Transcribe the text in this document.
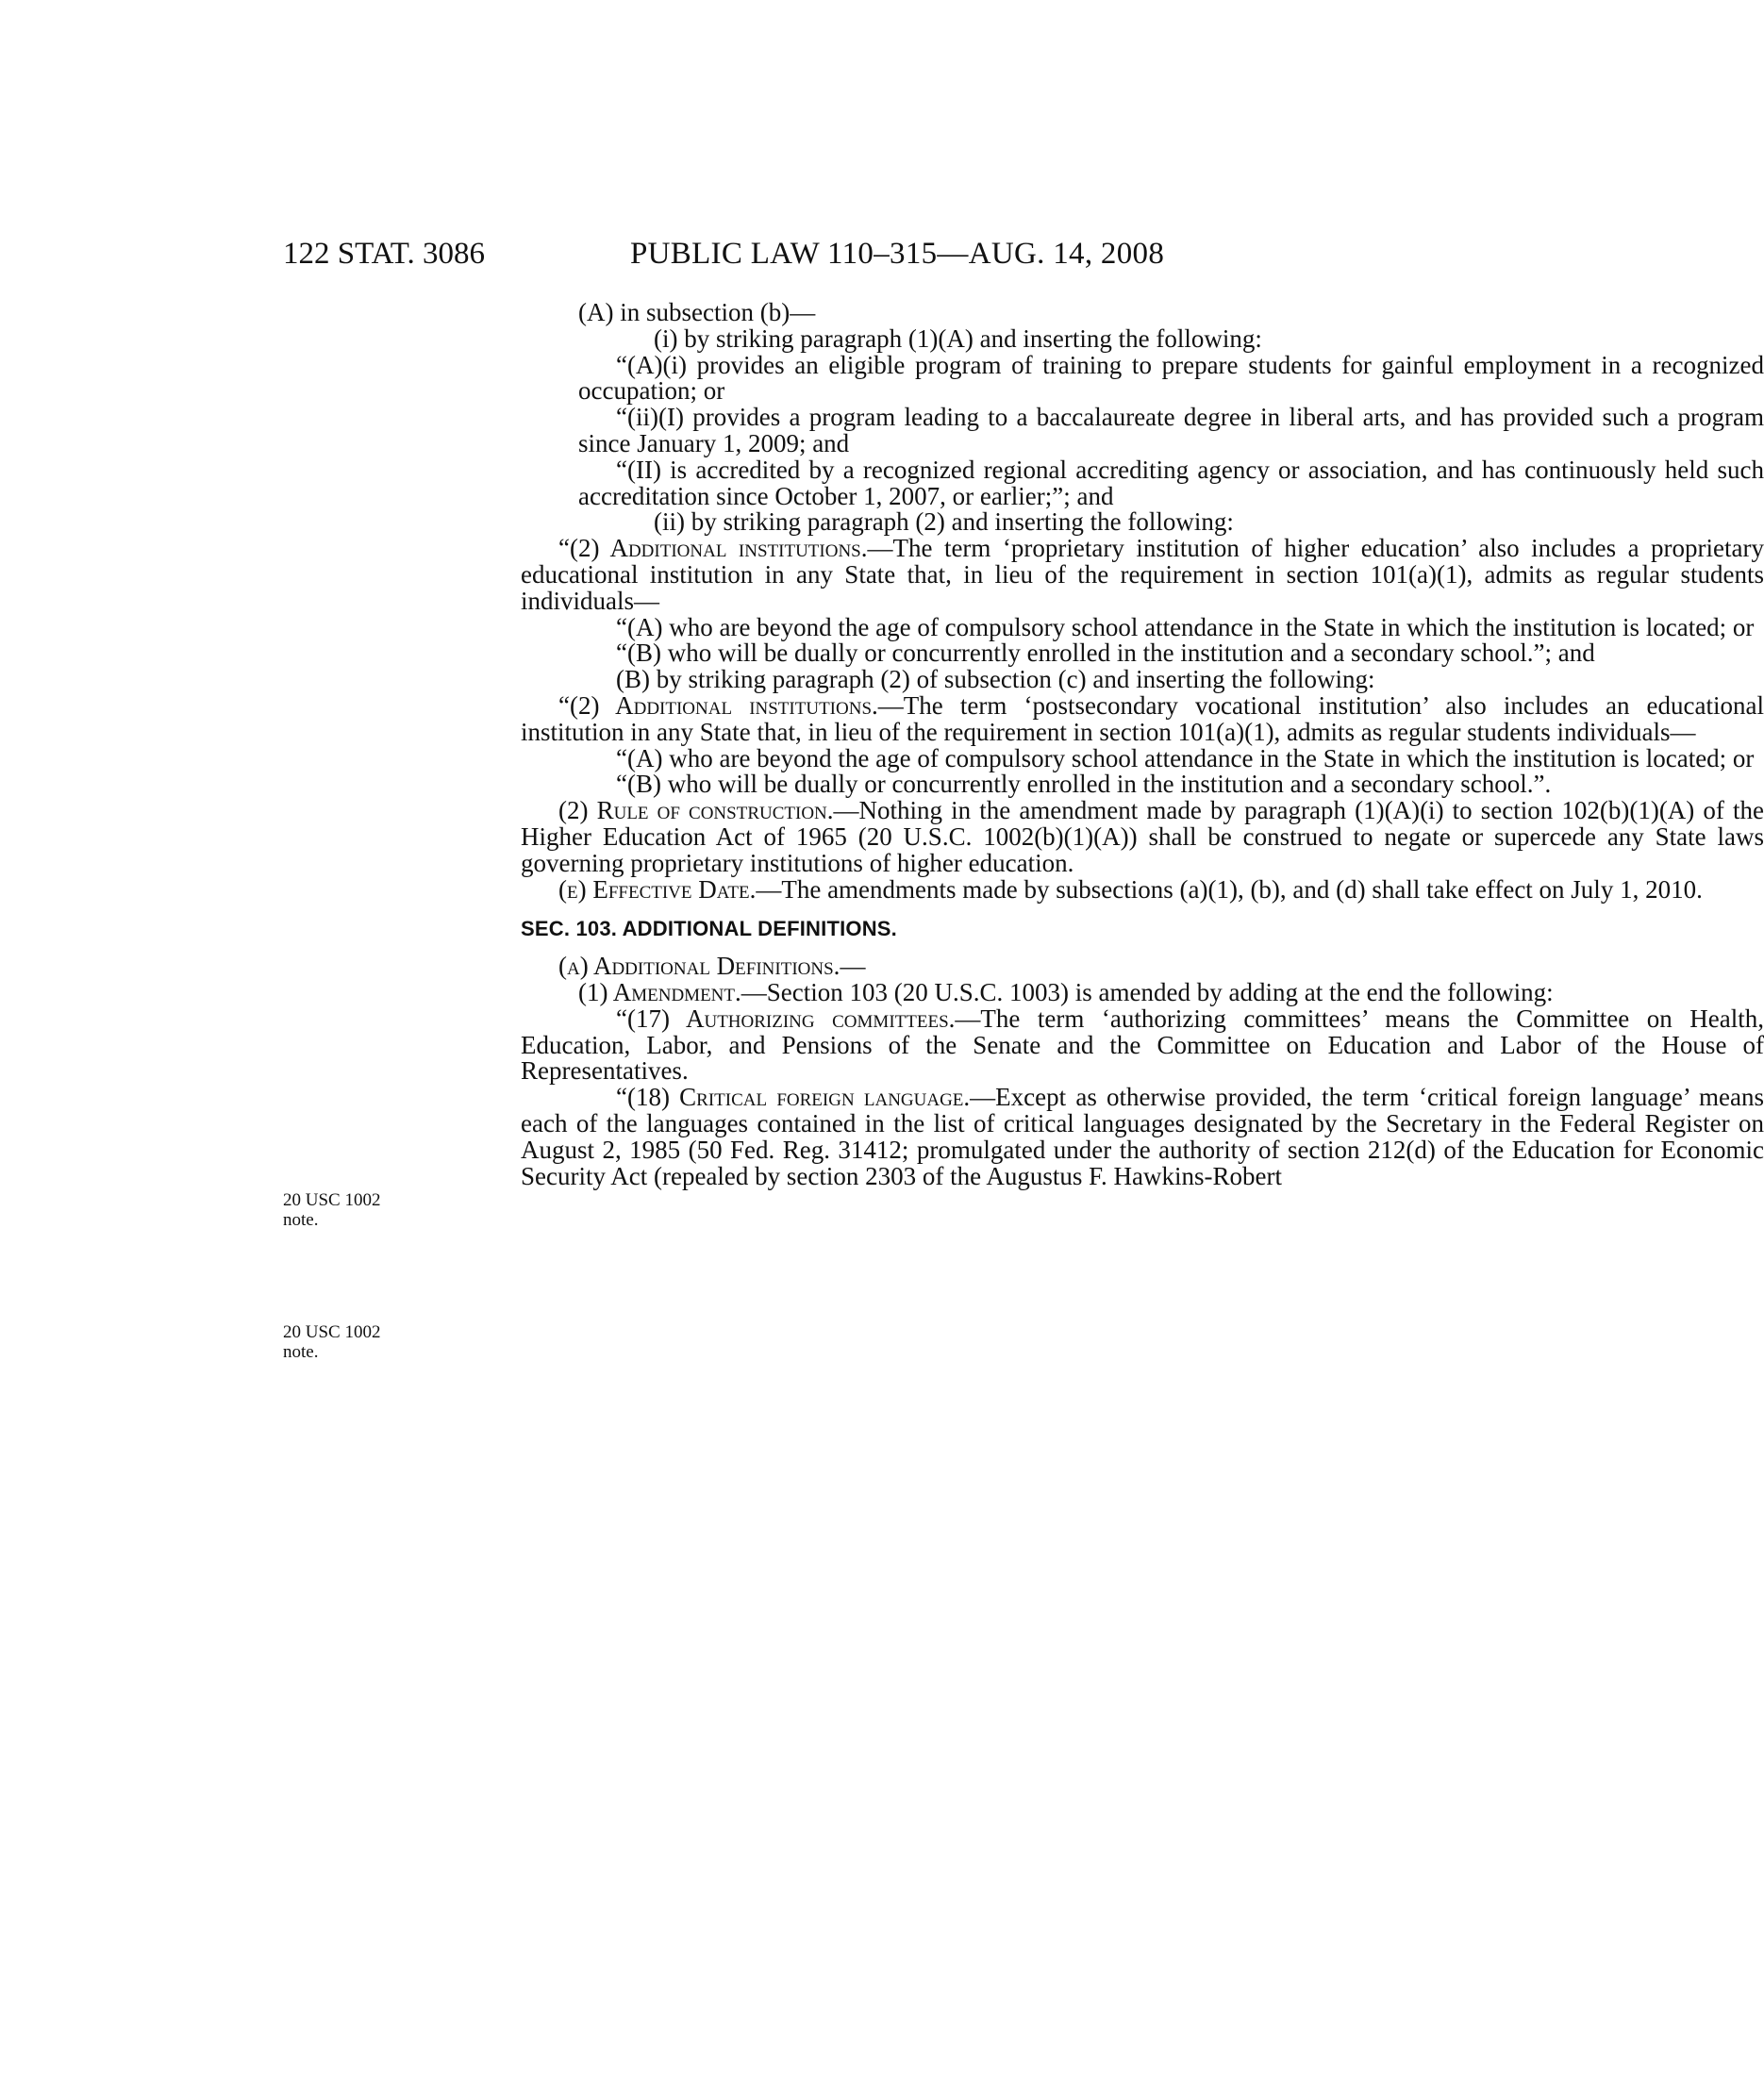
122 STAT. 3086	PUBLIC LAW 110–315—AUG. 14, 2008
20 USC 1002
note.
20 USC 1002
note.

(A) in subsection (b)—

(i) by striking paragraph (1)(A) and inserting the following:

“(A)(i) provides an eligible program of training to prepare students for gainful employment in a recognized occupation; or

“(ii)(I) provides a program leading to a baccalaureate degree in liberal arts, and has provided such a program since January 1, 2009; and

“(II) is accredited by a recognized regional accrediting agency or association, and has continuously held such accreditation since October 1, 2007, or earlier;”; and

(ii) by striking paragraph (2) and inserting the following:

“(2) Additional institutions.—The term ‘proprietary institution of higher education’ also includes a proprietary educational institution in any State that, in lieu of the requirement in section 101(a)(1), admits as regular students individuals—

“(A) who are beyond the age of compulsory school attendance in the State in which the institution is located; or

“(B) who will be dually or concurrently enrolled in the institution and a secondary school.”; and

(B) by striking paragraph (2) of subsection (c) and inserting the following:

“(2) Additional institutions.—The term ‘postsecondary vocational institution’ also includes an educational institution in any State that, in lieu of the requirement in section 101(a)(1), admits as regular students individuals—

“(A) who are beyond the age of compulsory school attendance in the State in which the institution is located; or

“(B) who will be dually or concurrently enrolled in the institution and a secondary school.”.

(2) Rule of construction.—Nothing in the amendment made by paragraph (1)(A)(i) to section 102(b)(1)(A) of the Higher Education Act of 1965 (20 U.S.C. 1002(b)(1)(A)) shall be construed to negate or supercede any State laws governing proprietary institutions of higher education.

(e) Effective Date.—The amendments made by subsections (a)(1), (b), and (d) shall take effect on July 1, 2010.

SEC. 103. ADDITIONAL DEFINITIONS.

(a) Additional Definitions.—

(1) Amendment.—Section 103 (20 U.S.C. 1003) is amended by adding at the end the following:

“(17) Authorizing committees.—The term ‘authorizing committees’ means the Committee on Health, Education, Labor, and Pensions of the Senate and the Committee on Education and Labor of the House of Representatives.

“(18) Critical foreign language.—Except as otherwise provided, the term ‘critical foreign language’ means each of the languages contained in the list of critical languages designated by the Secretary in the Federal Register on August 2, 1985 (50 Fed. Reg. 31412; promulgated under the authority of section 212(d) of the Education for Economic Security Act (repealed by section 2303 of the Augustus F. Hawkins-Robert
